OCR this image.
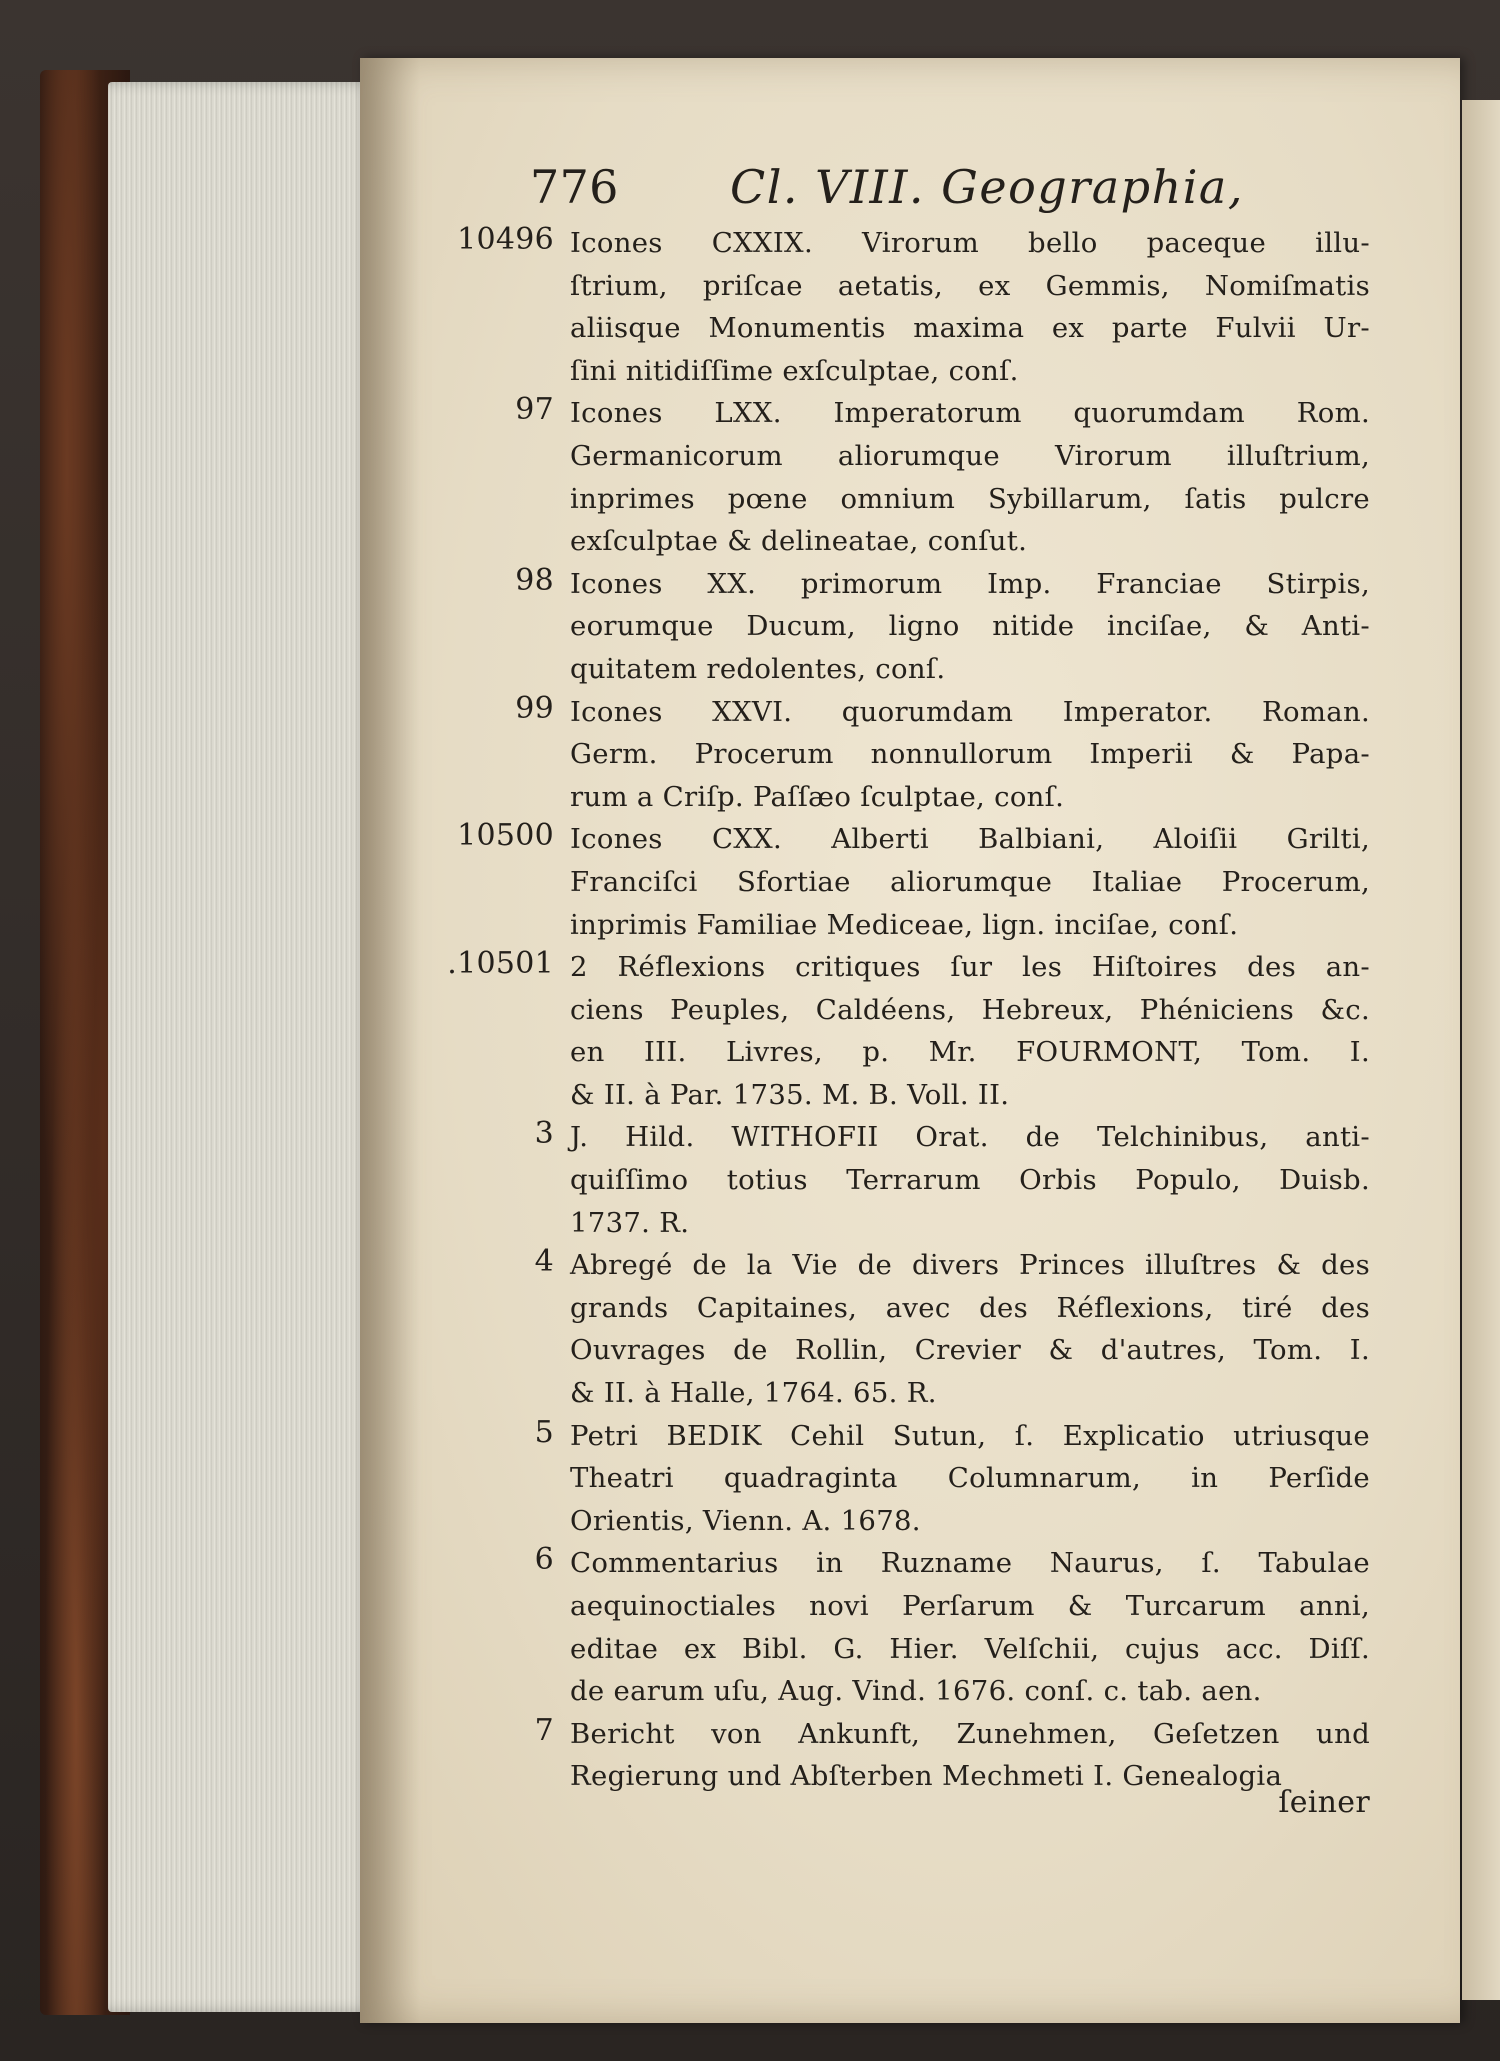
776 Cl. VIII. Geographia,
Icones CXXIX. Virorum bello paceque illu-
ſtrium, priſcae aetatis, ex Gemmis, Nomiſmatis
aliisque Monumentis maxima ex parte Fulvii Ur-
ſini nitidiſſime exſculptae, conſ.
Icones LXX. Imperatorum quorumdam Rom.
Germanicorum aliorumque Virorum illuſtrium,
inprimes pœne omnium Sybillarum, ſatis pulcre
exſculptae & delineatae, conſut.
Icones XX. primorum Imp. Franciae Stirpis,
eorumque Ducum, ligno nitide inciſae, & Anti-
quitatem redolentes, conſ.
Icones XXVI. quorumdam Imperator. Roman.
Germ. Procerum nonnullorum Imperii & Papa-
rum a Criſp. Paſſæo ſculptae, conſ.
Icones CXX. Alberti Balbiani, Aloiſii Grilti,
Franciſci Sfortiae aliorumque Italiae Procerum,
inprimis Familiae Mediceae, lign. inciſae, conſ.
2 Réflexions critiques ſur les Hiſtoires des an-
ciens Peuples, Caldéens, Hebreux, Phéniciens &c.
en III. Livres, p. Mr. FOURMONT, Tom. I.
& II. à Par. 1735. M. B. Voll. II.
J. Hild. WITHOFII Orat. de Telchinibus, anti-
quiſſimo totius Terrarum Orbis Populo, Duisb.
1737. R.
Abregé de la Vie de divers Princes illuſtres & des
grands Capitaines, avec des Réflexions, tiré des
Ouvrages de Rollin, Crevier & d'autres, Tom. I.
& II. à Halle, 1764. 65. R.
Petri BEDIK Cehil Sutun, ſ. Explicatio utriusque
Theatri quadraginta Columnarum, in Perſide
Orientis, Vienn. A. 1678.
Commentarius in Ruzname Naurus, ſ. Tabulae
aequinoctiales novi Perſarum & Turcarum anni,
editae ex Bibl. G. Hier. Velſchii, cujus acc. Diſſ.
de earum uſu, Aug. Vind. 1676. conſ. c. tab. aen.
Bericht von Ankunft, Zunehmen, Geſetzen und
Regierung und Abſterben Mechmeti I. Genealogia
ſeiner
